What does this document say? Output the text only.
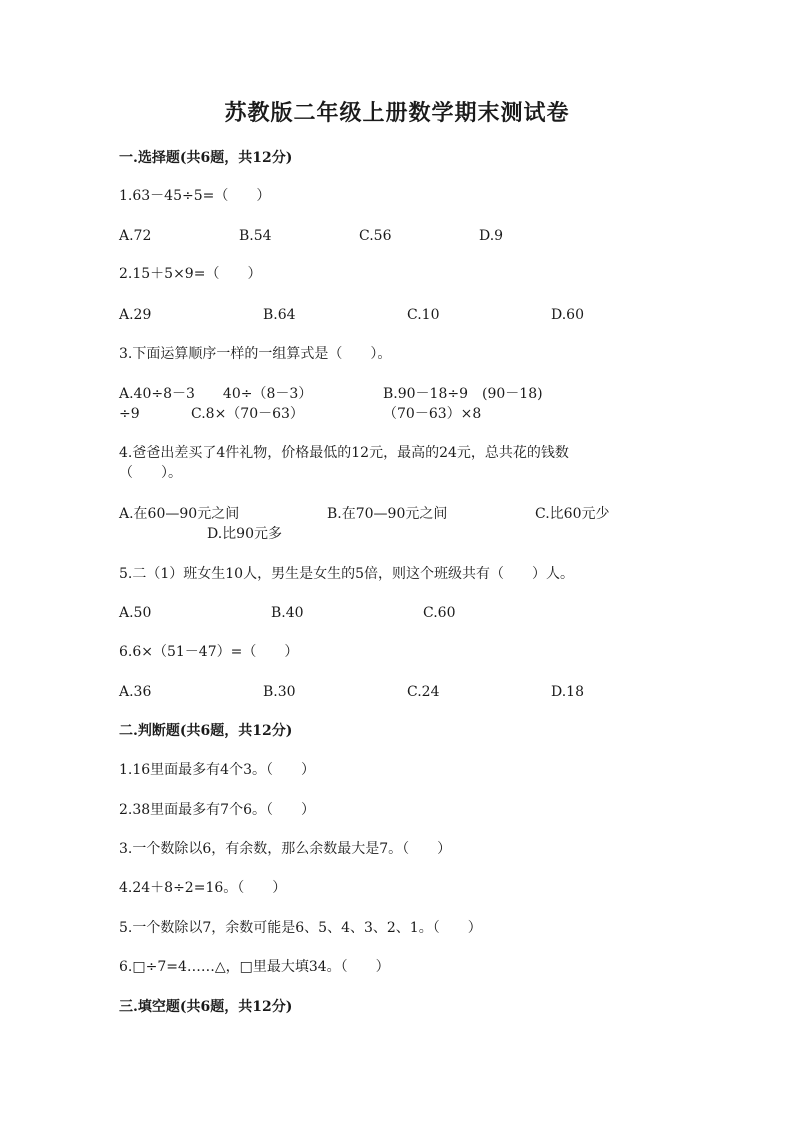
苏教版二年级上册数学期末测试卷
一.选择题(共6题，共12分)
1.63－45÷5=（　　）
A.72	B.54	C.56	D.9
2.15＋5×9=（　　）
A.29	B.64	C.10	D.60
3.下面运算顺序一样的一组算式是（　　）。
A.40÷8－3　　40÷（8－3）	B.90－18÷9　(90－18)
÷9	C.8×（70－63）	（70－63）×8
4.爸爸出差买了4件礼物，价格最低的12元，最高的24元，总共花的钱数
（　　）。
A.在60—90元之间	B.在70—90元之间	C.比60元少
D.比90元多
5.二（1）班女生10人，男生是女生的5倍，则这个班级共有（　　）人。
A.50	B.40	C.60
6.6×（51－47）=（　　）
A.36	B.30	C.24	D.18
二.判断题(共6题，共12分)
1.16里面最多有4个3。（　　）
2.38里面最多有7个6。（　　）
3.一个数除以6，有余数，那么余数最大是7。（　　）
4.24＋8÷2=16。（　　）
5.一个数除以7，余数可能是6、5、4、3、2、1。（　　）
6.□÷7=4……△，□里最大填34。（　　）
三.填空题(共6题，共12分)
